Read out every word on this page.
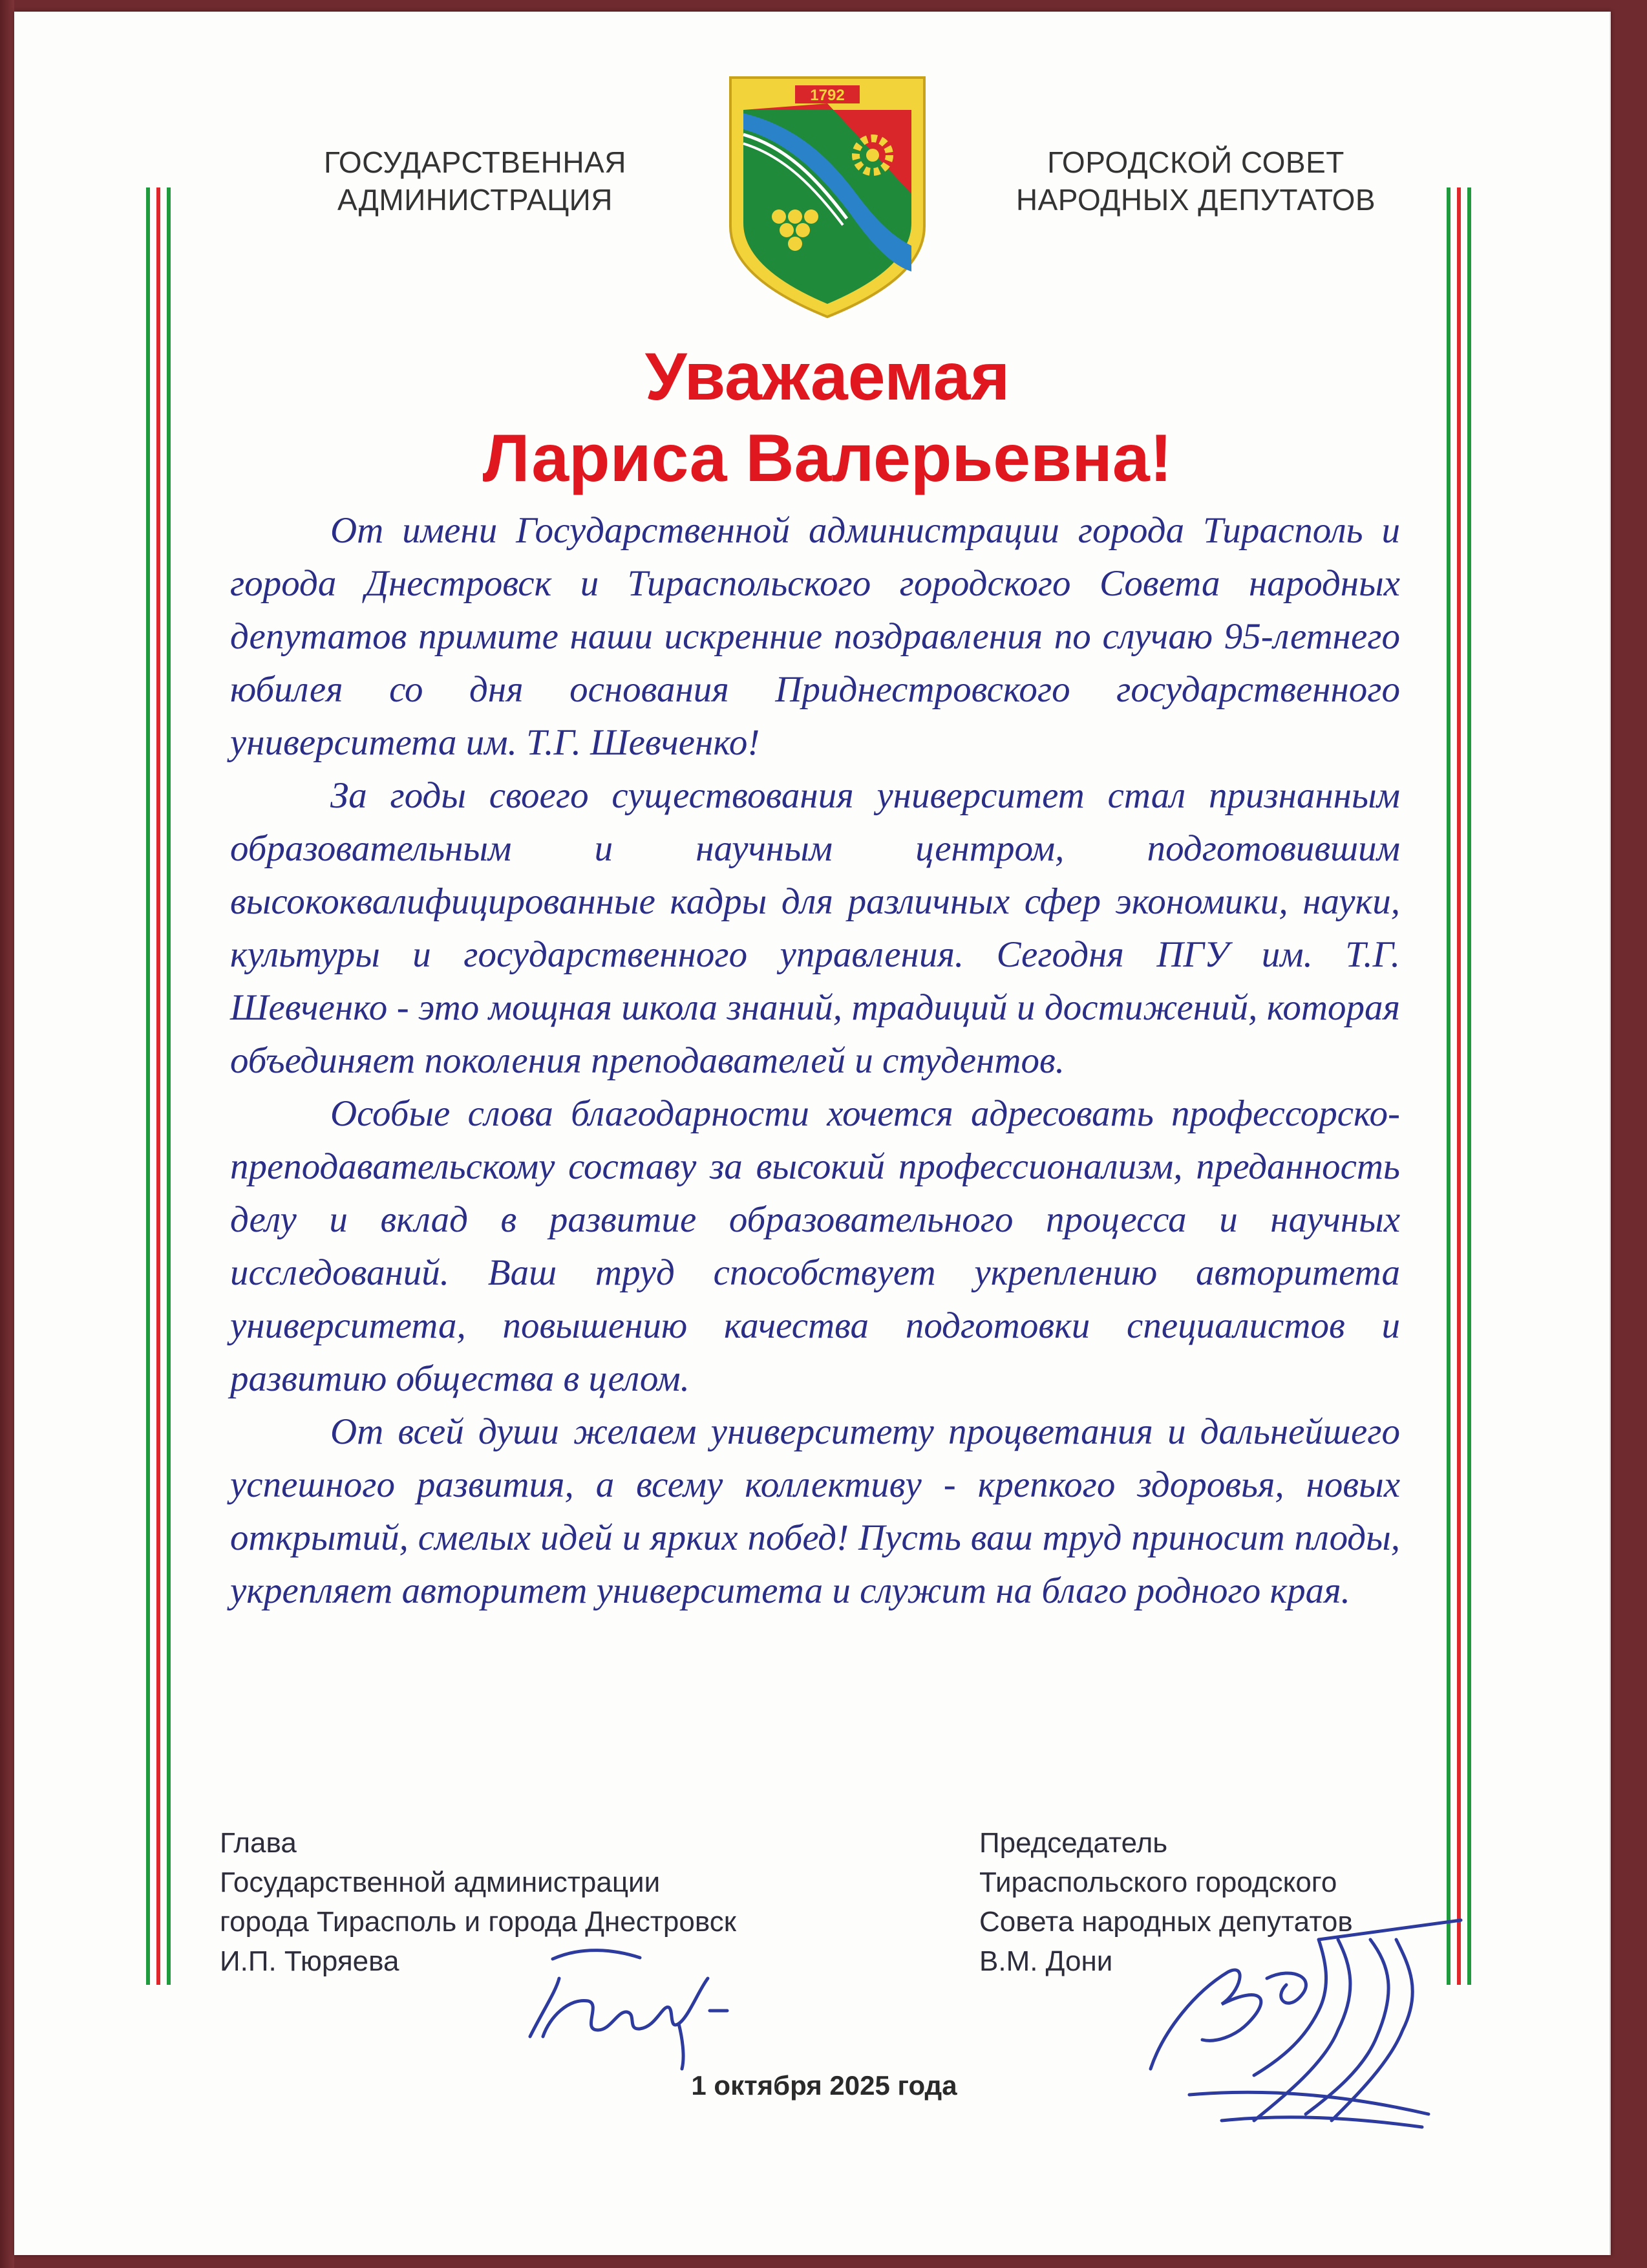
ГОСУДАРСТВЕННАЯ
АДМИНИСТРАЦИЯ
1792
ГОРОДСКОЙ СОВЕТ
НАРОДНЫХ ДЕПУТАТОВ
Уважаемая
Лариса Валерьевна!

От имени Государственной администрации города Тирасполь и города Днестровск и Тираспольского городского Совета народных депутатов примите наши искренние поздравления по случаю 95-летнего юбилея со дня основания Приднестровского государственного университета им. Т.Г. Шевченко!

За годы своего существования университет стал признанным образовательным и научным центром, подготовившим высококвалифицированные кадры для различных сфер экономики, науки, культуры и государственного управления. Сегодня ПГУ им. Т.Г. Шевченко - это мощная школа знаний, традиций и достижений, которая объединяет поколения преподавателей и студентов.

Особые слова благодарности хочется адресовать профессорско-преподавательскому составу за высокий профессионализм, преданность делу и вклад в развитие образовательного процесса и научных исследований. Ваш труд способствует укреплению авторитета университета, повышению качества подготовки специалистов и развитию общества в целом.

От всей души желаем университету процветания и дальнейшего успешного развития, а всему коллективу - крепкого здоровья, новых открытий, смелых идей и ярких побед! Пусть ваш труд приносит плоды, укрепляет авторитет университета и служит на благо родного края.

Глава
Государственной администрации
города Тирасполь и города Днестровск
И.П. Тюряева
Председатель
Тираспольского городского
Совета народных депутатов
В.М. Дони
1 октября 2025 года
